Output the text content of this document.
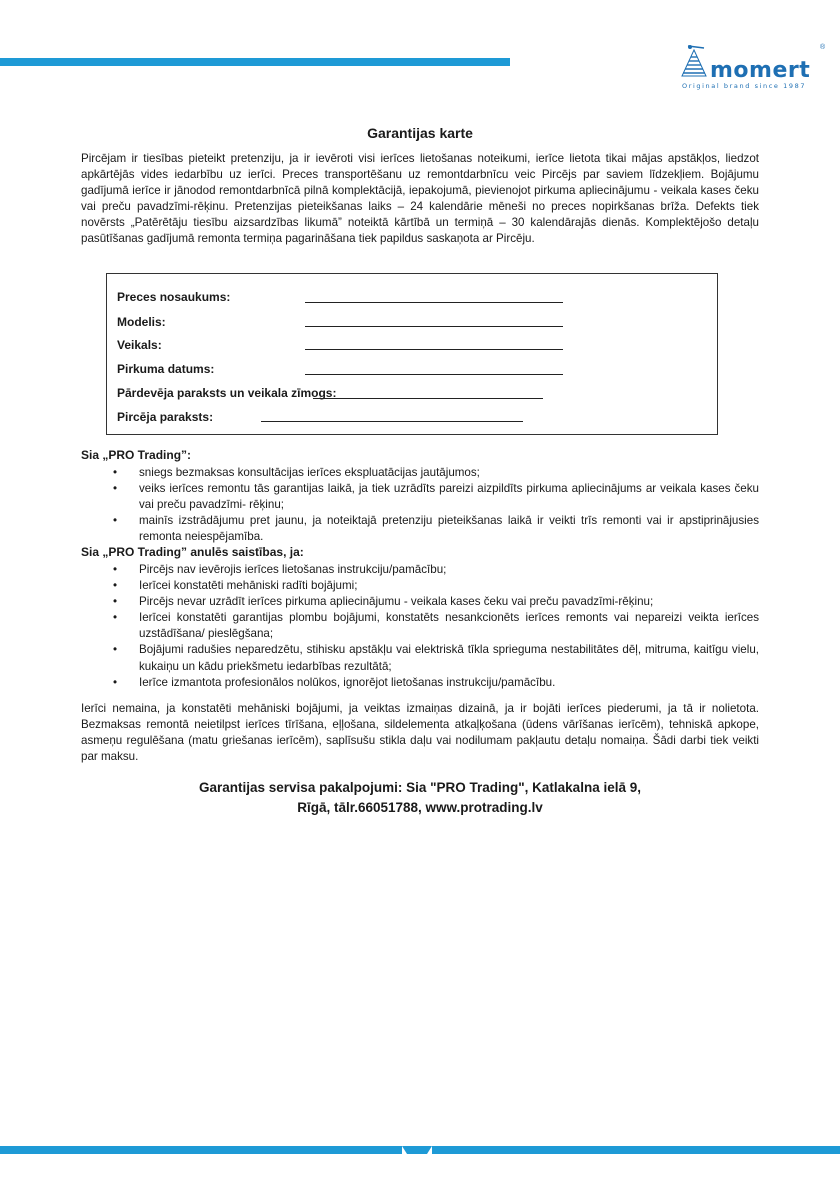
momert
®
Original brand since 1987
Garantijas karte
Pircējam ir tiesības pieteikt pretenziju, ja ir ievēroti visi ierīces lietošanas noteikumi, ierīce lietota tikai mājas apstākļos, liedzot apkārtējās vides iedarbību uz ierīci. Preces transportēšanu uz remontdarbnīcu veic Pircējs par saviem līdzekļiem. Bojājumu gadījumā ierīce ir jānodod remontdarbnīcā pilnā komplektācijā, iepakojumā, pievienojot pirkuma apliecinājumu - veikala kases čeku vai preču pavadzīmi-rēķinu. Pretenzijas pieteikšanas laiks – 24 kalendārie mēneši no preces nopirkšanas brīža. Defekts tiek novērsts „Patērētāju tiesību aizsardzības likumā” noteiktā kārtībā un termiņā – 30 kalendārajās dienās. Komplektējošo detaļu pasūtīšanas gadījumā remonta termiņa pagarināšana tiek papildus saskaņota ar Pircēju.
Preces nosaukums:
Modelis:
Veikals:
Pirkuma datums:
Pārdevēja paraksts un veikala zīmogs:
Pircēja paraksts:
Sia „PRO Trading”:
• sniegs bezmaksas konsultācijas ierīces ekspluatācijas jautājumos;
• veiks ierīces remontu tās garantijas laikā, ja tiek uzrādīts pareizi aizpildīts pirkuma apliecinājums ar veikala kases čeku vai preču pavadzīmi- rēķinu;
• mainīs izstrādājumu pret jaunu, ja noteiktajā pretenziju pieteikšanas laikā ir veikti trīs remonti vai ir apstiprinājusies remonta neiespējamība.
Sia „PRO Trading” anulēs saistības, ja:
• Pircējs nav ievērojis ierīces lietošanas instrukciju/pamācību;
• Ierīcei konstatēti mehāniski radīti bojājumi;
• Pircējs nevar uzrādīt ierīces pirkuma apliecinājumu - veikala kases čeku vai preču pavadzīmi-rēķinu;
• Ierīcei konstatēti garantijas plombu bojājumi, konstatēts nesankcionēts ierīces remonts vai nepareizi veikta ierīces uzstādīšana/ pieslēgšana;
• Bojājumi radušies neparedzētu, stihisku apstākļu vai elektriskā tīkla sprieguma nestabilitātes dēļ, mitruma, kaitīgu vielu, kukaiņu un kādu priekšmetu iedarbības rezultātā;
• Ierīce izmantota profesionālos nolūkos, ignorējot lietošanas instrukciju/pamācību.
Ierīci nemaina, ja konstatēti mehāniski bojājumi, ja veiktas izmaiņas dizainā, ja ir bojāti ierīces piederumi, ja tā ir nolietota. Bezmaksas remontā neietilpst ierīces tīrīšana, eļļošana, sildelementa atkaļķošana (ūdens vārīšanas ierīcēm), tehniskā apkope, asmeņu regulēšana (matu griešanas ierīcēm), saplīsušu stikla daļu vai nodilumam pakļautu detaļu nomaiņa. Šādi darbi tiek veikti par maksu.
Garantijas servisa pakalpojumi: Sia "PRO Trading", Katlakalna ielā 9,
Rīgā, tālr.66051788, www.protrading.lv
